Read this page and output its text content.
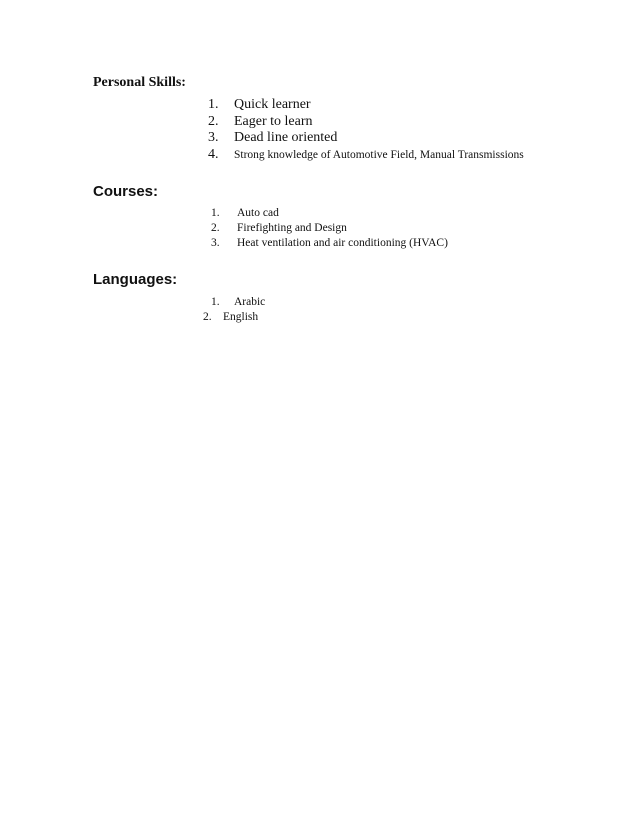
Personal Skills:
1. Quick learner
2. Eager to learn
3. Dead line oriented
4. Strong knowledge of Automotive Field, Manual Transmissions
Courses:
1. Auto cad
2. Firefighting and Design
3. Heat ventilation and air conditioning (HVAC)
Languages:
1. Arabic
2. English
